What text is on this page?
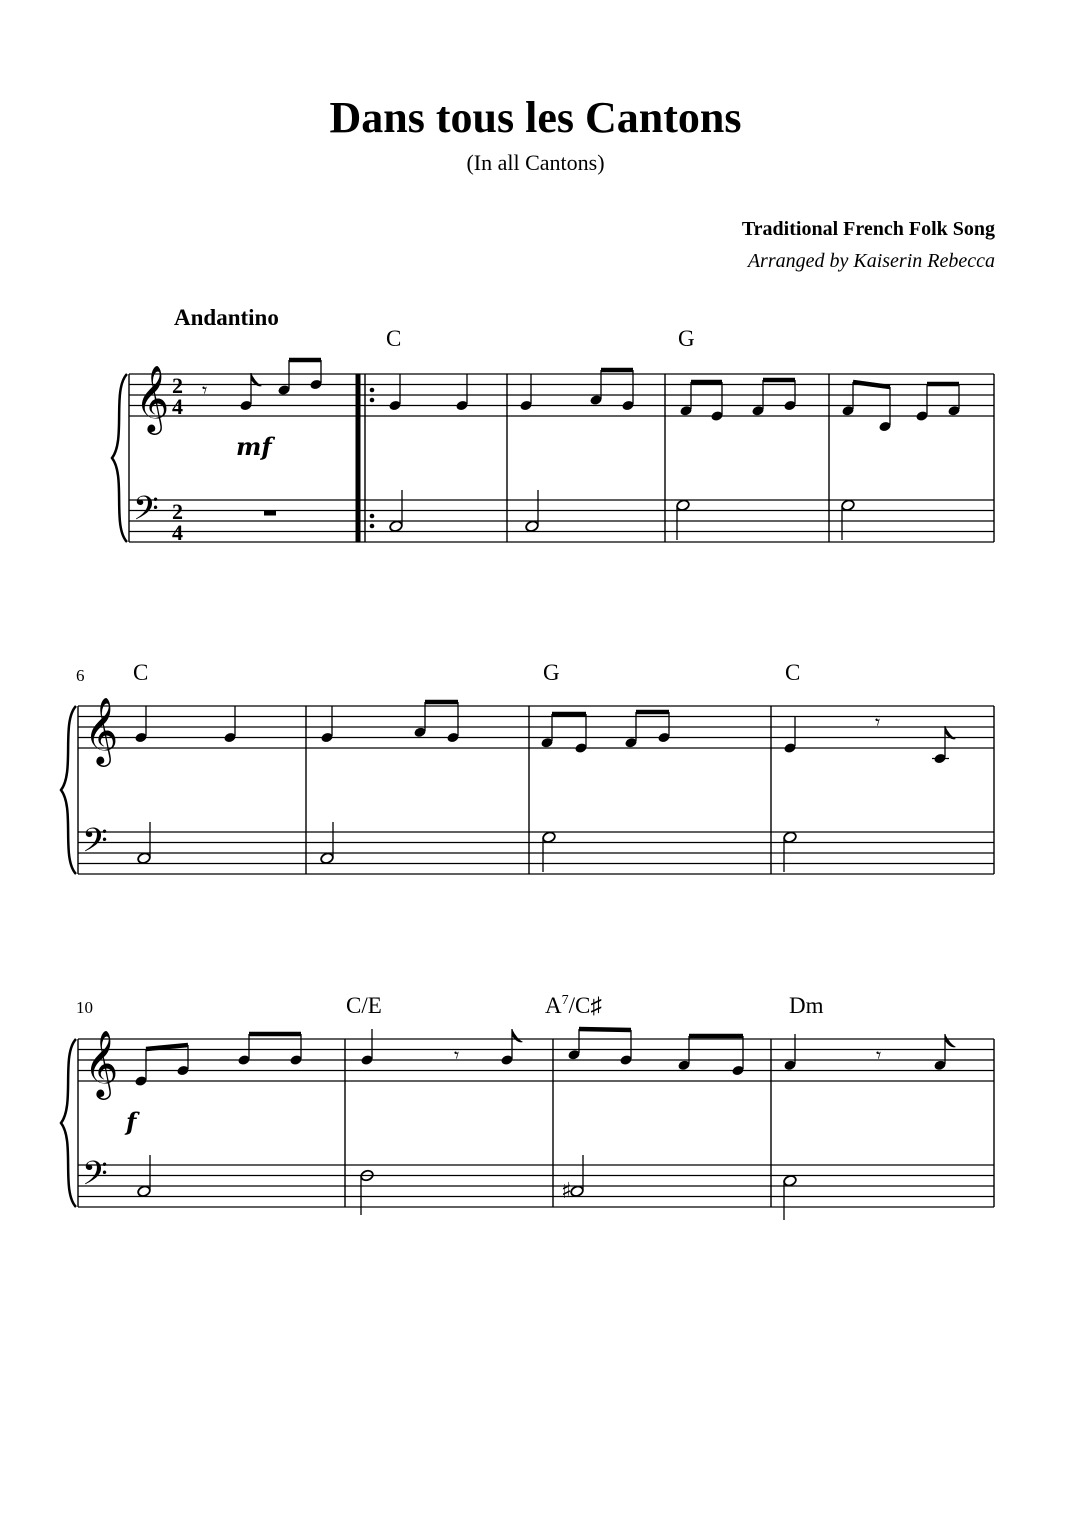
Dans tous les Cantons
(In all Cantons)
Traditional French Folk Song
Arranged by Kaiserin Rebecca
Andantino
C	G
𝄞
𝄢
2
4
2
4
𝄾
mf
6 C	G	C
𝄞
𝄢
𝄾
10	C/E	$A^7/C♯$	Dm
𝄞
𝄢
f
𝄾
♯
𝄾
